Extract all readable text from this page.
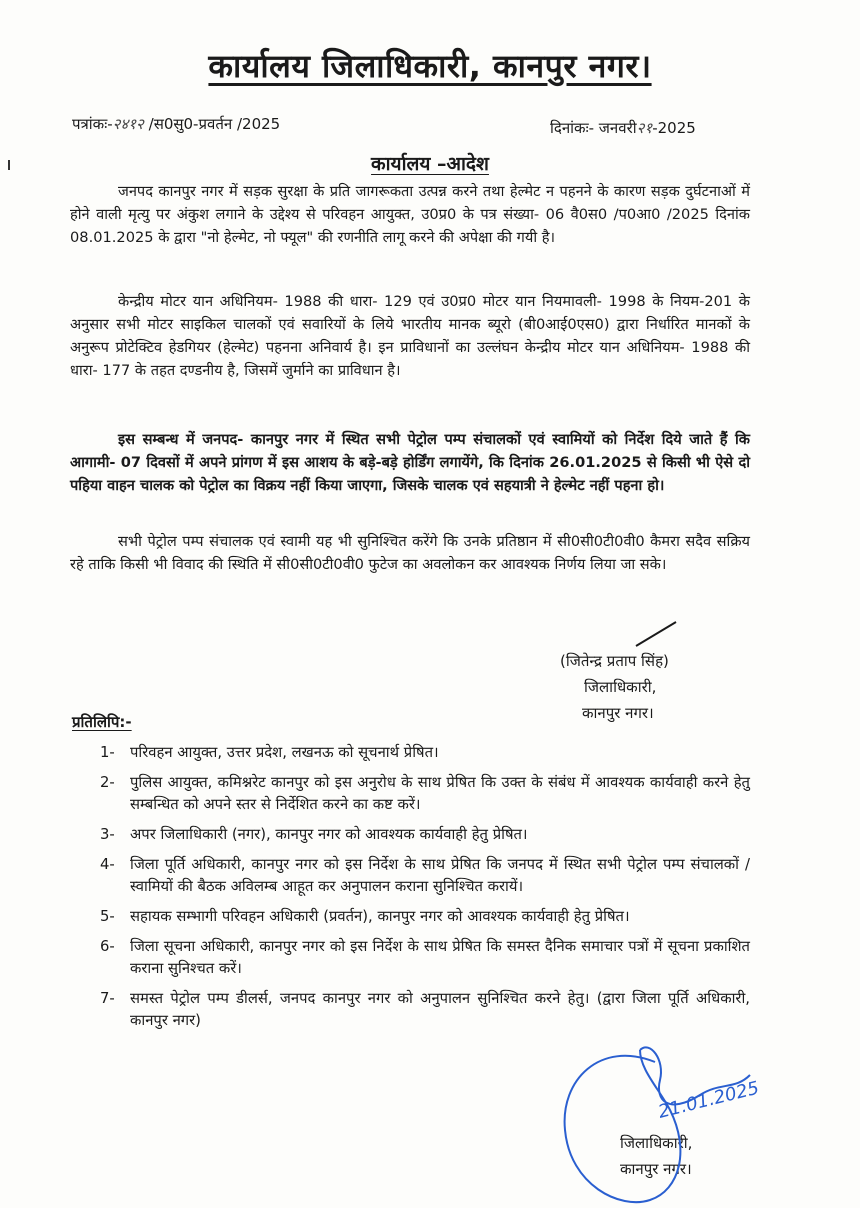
कार्यालय जिलाधिकारी, कानपुर नगर।
पत्रांकः-२४१२ /स0सु0-प्रवर्तन /2025	दिनांकः- जनवरी२१-2025
कार्यालय –आदेश
जनपद कानपुर नगर में सड़क सुरक्षा के प्रति जागरूकता उत्पन्न करने तथा हेल्मेट न पहनने के कारण सड़क दुर्घटनाओं में होने वाली मृत्यु पर अंकुश लगाने के उद्देश्य से परिवहन आयुक्त, उ0प्र0 के पत्र संख्या- 06 वै0स0 /प0आ0 /2025 दिनांक 08.01.2025 के द्वारा "नो हेल्मेट, नो फ्यूल" की रणनीति लागू करने की अपेक्षा की गयी है।
केन्द्रीय मोटर यान अधिनियम- 1988 की धारा- 129 एवं उ0प्र0 मोटर यान नियमावली- 1998 के नियम-201 के अनुसार सभी मोटर साइकिल चालकों एवं सवारियों के लिये भारतीय मानक ब्यूरो (बी0आई0एस0) द्वारा निर्धारित मानकों के अनुरूप प्रोटेक्टिव हेडगियर (हेल्मेट) पहनना अनिवार्य है। इन प्राविधानों का उल्लंघन केन्द्रीय मोटर यान अधिनियम- 1988 की धारा- 177 के तहत दण्डनीय है, जिसमें जुर्माने का प्राविधान है।
इस सम्बन्ध में जनपद- कानपुर नगर में स्थित सभी पेट्रोल पम्प संचालकों एवं स्वामियों को निर्देश दिये जाते हैं कि आगामी- 07 दिवसों में अपने प्रांगण में इस आशय के बड़े-बड़े होर्डिंग लगायेंगे, कि दिनांक 26.01.2025 से किसी भी ऐसे दो पहिया वाहन चालक को पेट्रोल का विक्रय नहीं किया जाएगा, जिसके चालक एवं सहयात्री ने हेल्मेट नहीं पहना हो।
सभी पेट्रोल पम्प संचालक एवं स्वामी यह भी सुनिश्चित करेंगे कि उनके प्रतिष्ठान में सी0सी0टी0वी0 कैमरा सदैव सक्रिय रहे ताकि किसी भी विवाद की स्थिति में सी0सी0टी0वी0 फुटेज का अवलोकन कर आवश्यक निर्णय लिया जा सके।
(जितेन्द्र प्रताप सिंह)
जिलाधिकारी,
कानपुर नगर।
प्रतिलिपि:-
1-	परिवहन आयुक्त, उत्तर प्रदेश, लखनऊ को सूचनार्थ प्रेषित।
2-	पुलिस आयुक्त, कमिश्नरेट कानपुर को इस अनुरोध के साथ प्रेषित कि उक्त के संबंध में आवश्यक कार्यवाही करने हेतु सम्बन्धित को अपने स्तर से निर्देशित करने का कष्ट करें।
3-	अपर जिलाधिकारी (नगर), कानपुर नगर को आवश्यक कार्यवाही हेतु प्रेषित।
4-	जिला पूर्ति अधिकारी, कानपुर नगर को इस निर्देश के साथ प्रेषित कि जनपद में स्थित सभी पेट्रोल पम्प संचालकों /स्वामियों की बैठक अविलम्ब आहूत कर अनुपालन कराना सुनिश्चित करायें।
5-	सहायक सम्भागी परिवहन अधिकारी (प्रवर्तन), कानपुर नगर को आवश्यक कार्यवाही हेतु प्रेषित।
6-	जिला सूचना अधिकारी, कानपुर नगर को इस निर्देश के साथ प्रेषित कि समस्त दैनिक समाचार पत्रों में सूचना प्रकाशित कराना सुनिश्चत करें।
7-	समस्त पेट्रोल पम्प डीलर्स, जनपद कानपुर नगर को अनुपालन सुनिश्चित करने हेतु। (द्वारा जिला पूर्ति अधिकारी, कानपुर नगर)
जिलाधिकारी,
कानपुर नगर।
21.01.2025
